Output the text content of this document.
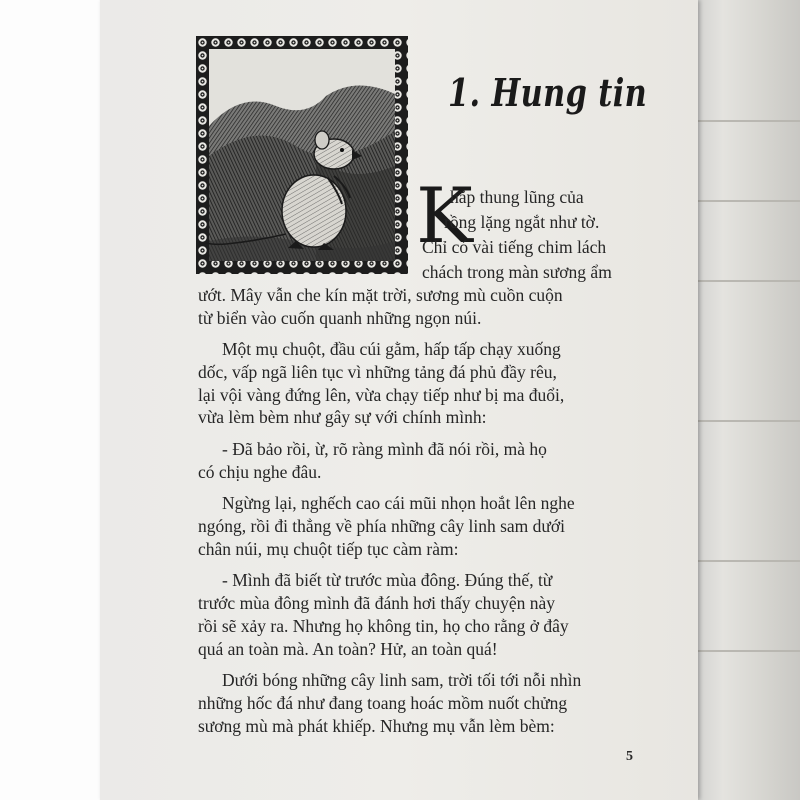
1. Hung tin
K
hắp thung lũng của
rồng lặng ngắt như tờ.
Chỉ có vài tiếng chim lách
chách trong màn sương ẩm
ướt. Mây vẫn che kín mặt trời, sương mù cuồn cuộn
từ biển vào cuốn quanh những ngọn núi.
Một mụ chuột, đầu cúi gằm, hấp tấp chạy xuống
dốc, vấp ngã liên tục vì những tảng đá phủ đầy rêu,
lại vội vàng đứng lên, vừa chạy tiếp như bị ma đuổi,
vừa lèm bèm như gây sự với chính mình:
- Đã bảo rồi, ừ, rõ ràng mình đã nói rồi, mà họ
có chịu nghe đâu.
Ngừng lại, nghếch cao cái mũi nhọn hoắt lên nghe
ngóng, rồi đi thẳng về phía những cây linh sam dưới
chân núi, mụ chuột tiếp tục càm ràm:
- Mình đã biết từ trước mùa đông. Đúng thế, từ
trước mùa đông mình đã đánh hơi thấy chuyện này
rồi sẽ xảy ra. Nhưng họ không tin, họ cho rằng ở đây
quá an toàn mà. An toàn? Hử, an toàn quá!
Dưới bóng những cây linh sam, trời tối tới nỗi nhìn
những hốc đá như đang toang hoác mồm nuốt chửng
sương mù mà phát khiếp. Nhưng mụ vẫn lèm bèm:
5
